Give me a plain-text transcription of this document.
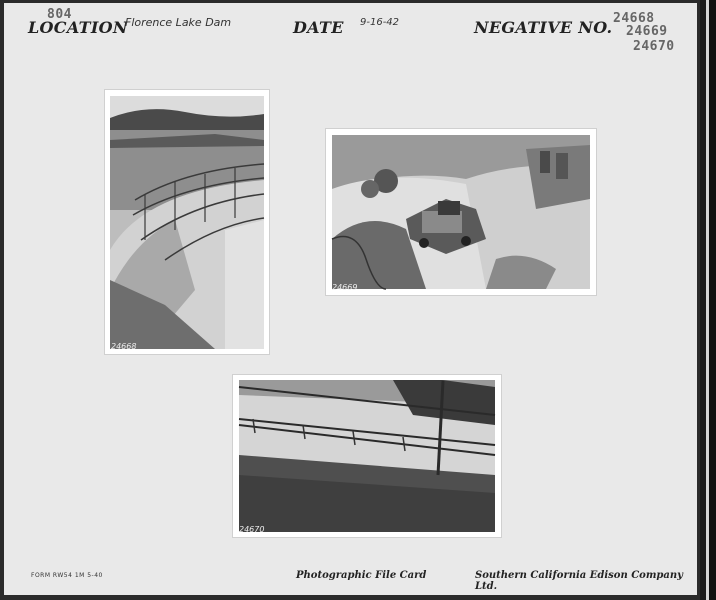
804
LOCATION
Florence Lake Dam	DATE 9-16-42	NEGATIVE NO. 24668
24669
24670
24668
24669
24670
FORM RW54 1M 5-40	Photographic File Card	Southern California Edison Company Ltd.
